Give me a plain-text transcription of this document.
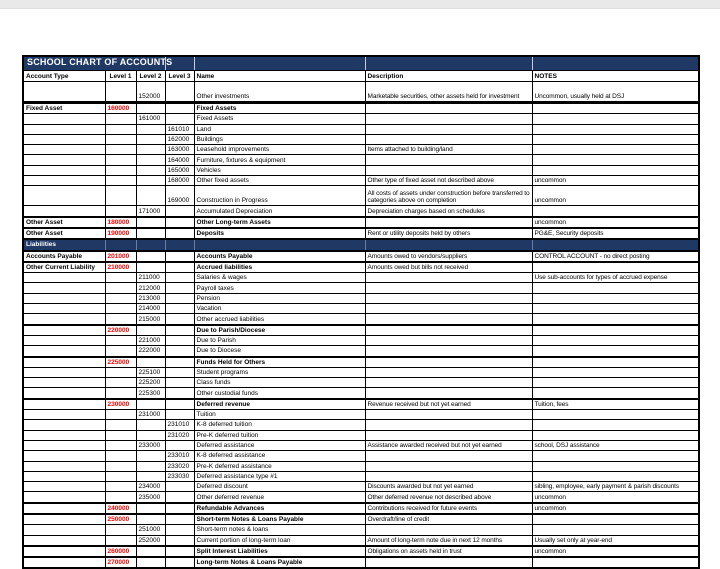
SCHOOL CHART OF ACCOUNTS						
Account Type	Level 1	Level 2	Level 3	Name	Description	NOTES
		152000		Other investments	Marketable securities, other assets held for investment	Uncommon, usually held at DSJ
Fixed Asset	160000			Fixed Assets		
		161000		Fixed Assets		
			161010	Land		
			162000	Buildings		
			163000	Leasehold improvements	Items attached to building/land	
			164000	Furniture, fixtures & equipment		
			165000	Vehicles		
			168000	Other fixed assets	Other type of fixed asset not described above	uncommon
			169000	Construction in Progress	All costs of assets under construction before transferred to categories above on completion	uncommon
		171000		Accumulated Depreciation	Depreciation charges based on schedules	
Other Asset	180000			Other Long-term Assets		uncommon
Other Asset	190000			Deposits	Rent or utility deposits held by others	PG&E, Security deposits
Liabilities						
Accounts Payable	201000			Accounts Payable	Amounts owed to vendors/suppliers	CONTROL ACCOUNT - no direct posting
Other Current Liability	210000			Accrued liabilities	Amounts owed but bills not received	
		211000		Salaries & wages		Use sub-accounts for types of accrued expense
		212000		Payroll taxes		
		213000		Pension		
		214000		Vacation		
		215000		Other accrued liabilities		
	220000			Due to Parish/Diocese		
		221000		Due to Parish		
		222000		Due to Diocese		
	225000			Funds Held for Others		
		225100		Student programs		
		225200		Class funds		
		225300		Other custodial funds		
	230000			Deferred revenue	Revenue received but not yet earned	Tuition, fees
		231000		Tuition		
			231010	K-8 deferred tuition		
			231020	Pre-K deferred tuition		
		233000		Deferred assistance	Assistance awarded received but not yet earned	school, DSJ assistance
			233010	K-8 deferred assistance		
			233020	Pre-K deferred assistance		
			233030	Deferred assistance type #1		
		234000		Deferred discount	Discounts awarded but not yet earned	sibling, employee, early payment & parish discounts
		235000		Other deferred revenue	Other deferred revenue not described above	uncommon
	240000			Refundable Advances	Contributions received for future events	uncommon
	250000			Short-term Notes & Loans Payable	Overdraft/line of credit	
		251000		Short-term notes & loans		
		252000		Current portion of long-term loan	Amount of long-term note due in next 12 months	Usually set only at year-end
	260000			Split Interest Liabilities	Obligations on assets held in trust	uncommon
	270000			Long-term Notes & Loans Payable		
